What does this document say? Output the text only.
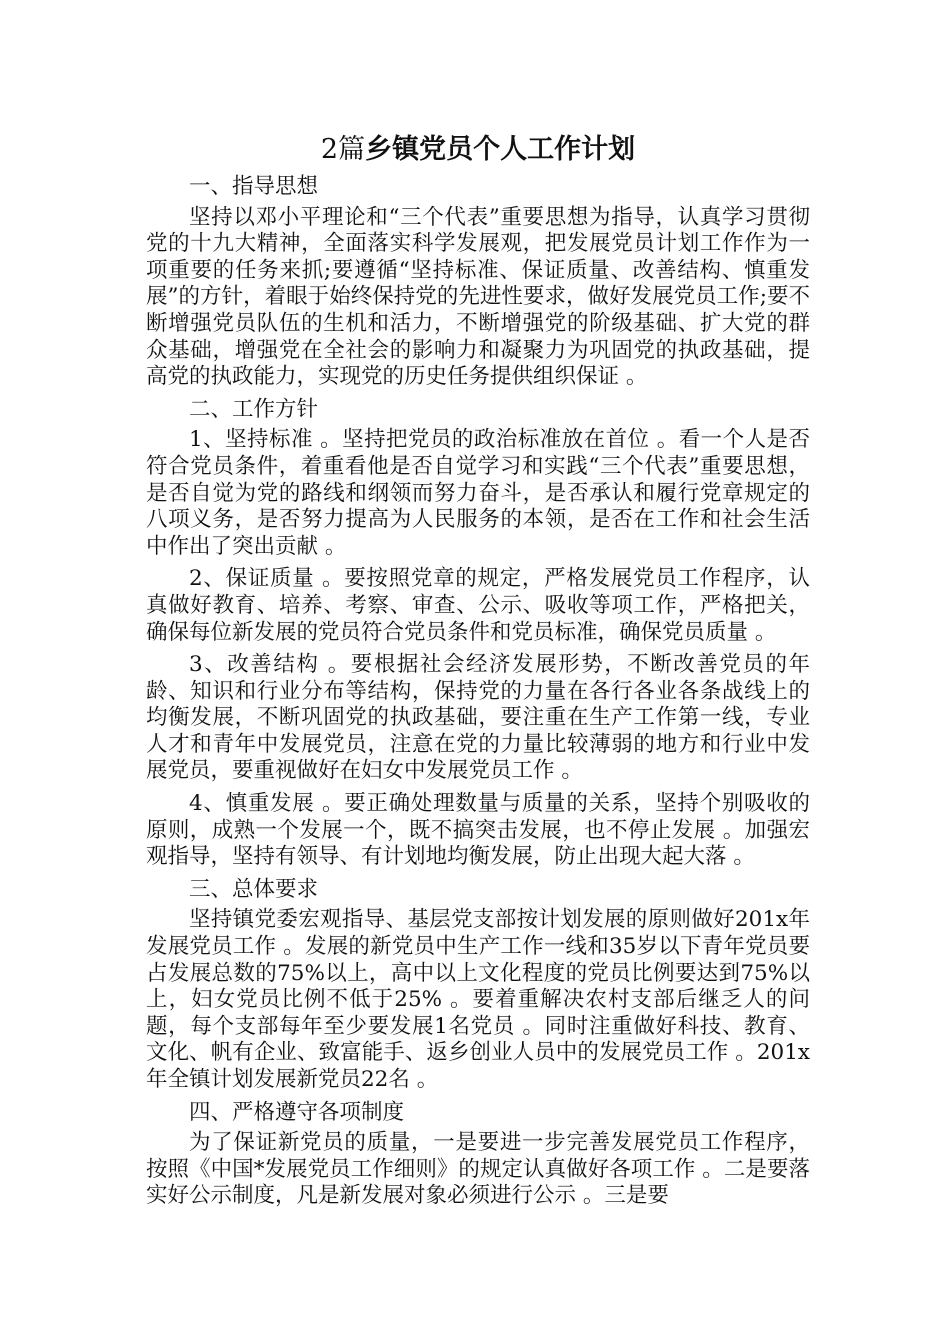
2篇乡镇党员个人工作计划

一、指导思想

坚持以邓小平理论和“三个代表”重要思想为指导，认真学习贯彻党的十九大精神，全面落实科学发展观，把发展党员计划工作作为一项重要的任务来抓;要遵循“坚持标准、保证质量、改善结构、慎重发展”的方针，着眼于始终保持党的先进性要求，做好发展党员工作;要不断增强党员队伍的生机和活力，不断增强党的阶级基础、扩大党的群众基础，增强党在全社会的影响力和凝聚力为巩固党的执政基础，提高党的执政能力，实现党的历史任务提供组织保证 。

二、工作方针

1、坚持标准 。坚持把党员的政治标准放在首位 。看一个人是否符合党员条件，着重看他是否自觉学习和实践“三个代表”重要思想，是否自觉为党的路线和纲领而努力奋斗，是否承认和履行党章规定的八项义务，是否努力提高为人民服务的本领，是否在工作和社会生活中作出了突出贡献 。

2、保证质量 。要按照党章的规定，严格发展党员工作程序，认真做好教育、培养、考察、审查、公示、吸收等项工作，严格把关，确保每位新发展的党员符合党员条件和党员标准，确保党员质量 。

3、改善结构 。要根据社会经济发展形势，不断改善党员的年龄、知识和行业分布等结构，保持党的力量在各行各业各条战线上的均衡发展，不断巩固党的执政基础，要注重在生产工作第一线，专业人才和青年中发展党员，注意在党的力量比较薄弱的地方和行业中发展党员，要重视做好在妇女中发展党员工作 。

4、慎重发展 。要正确处理数量与质量的关系，坚持个别吸收的原则，成熟一个发展一个，既不搞突击发展，也不停止发展 。加强宏观指导，坚持有领导、有计划地均衡发展，防止出现大起大落 。

三、总体要求

坚持镇党委宏观指导、基层党支部按计划发展的原则做好201x年发展党员工作 。发展的新党员中生产工作一线和35岁以下青年党员要占发展总数的75%以上，高中以上文化程度的党员比例要达到75%以上，妇女党员比例不低于25% 。要着重解决农村支部后继乏人的问题，每个支部每年至少要发展1名党员 。同时注重做好科技、教育、文化、帆有企业、致富能手、返乡创业人员中的发展党员工作 。201x年全镇计划发展新党员22名 。

四、严格遵守各项制度

为了保证新党员的质量，一是要进一步完善发展党员工作程序，按照《中国*发展党员工作细则》的规定认真做好各项工作 。二是要落实好公示制度，凡是新发展对象必须进行公示 。三是要
